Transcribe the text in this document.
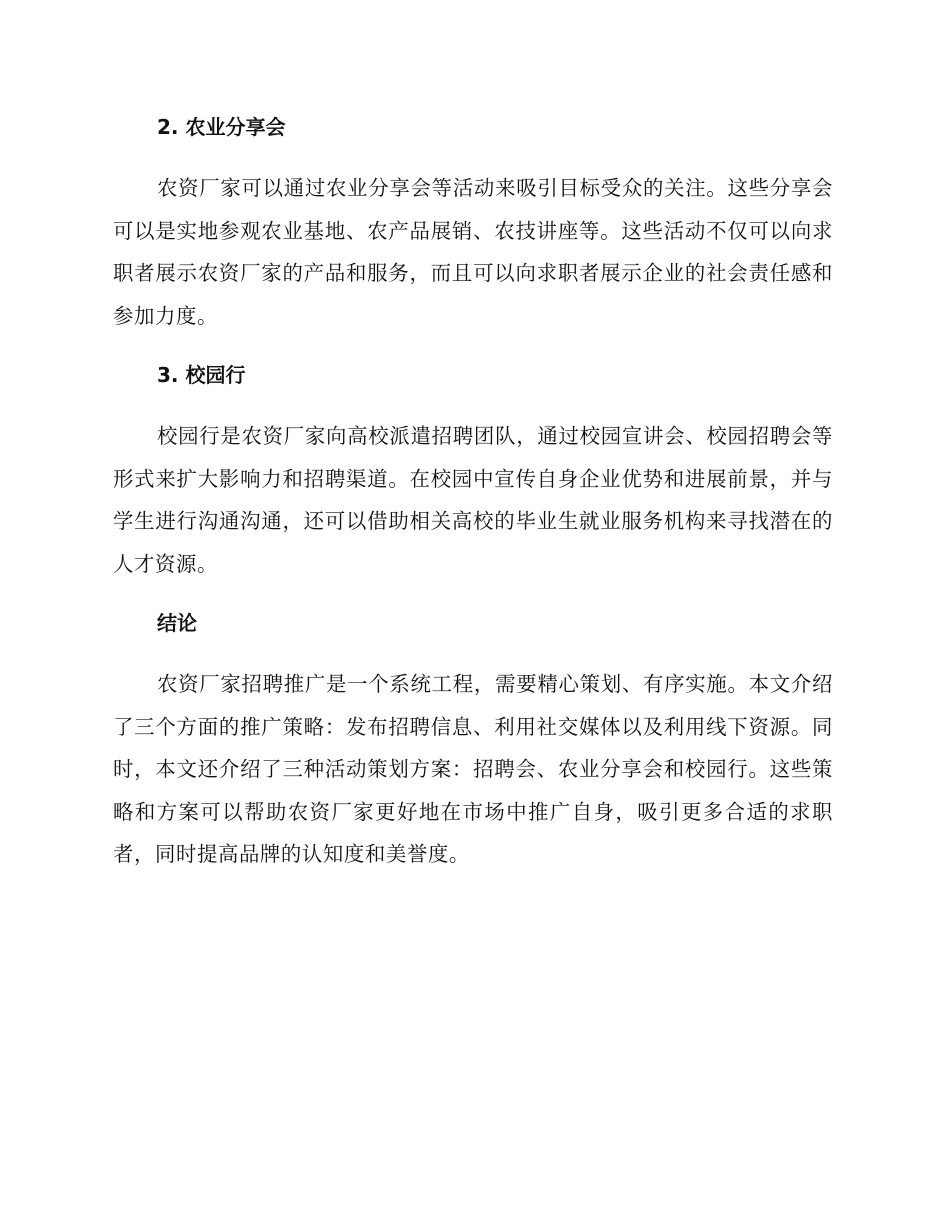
2. 农业分享会

农资厂家可以通过农业分享会等活动来吸引目标受众的关注。这些分享会可以是实地参观农业基地、农产品展销、农技讲座等。这些活动不仅可以向求职者展示农资厂家的产品和服务，而且可以向求职者展示企业的社会责任感和参加力度。

3. 校园行

校园行是农资厂家向高校派遣招聘团队，通过校园宣讲会、校园招聘会等形式来扩大影响力和招聘渠道。在校园中宣传自身企业优势和进展前景，并与学生进行沟通沟通，还可以借助相关高校的毕业生就业服务机构来寻找潜在的人才资源。

结论

农资厂家招聘推广是一个系统工程，需要精心策划、有序实施。本文介绍了三个方面的推广策略：发布招聘信息、利用社交媒体以及利用线下资源。同时，本文还介绍了三种活动策划方案：招聘会、农业分享会和校园行。这些策略和方案可以帮助农资厂家更好地在市场中推广自身，吸引更多合适的求职者，同时提高品牌的认知度和美誉度。
